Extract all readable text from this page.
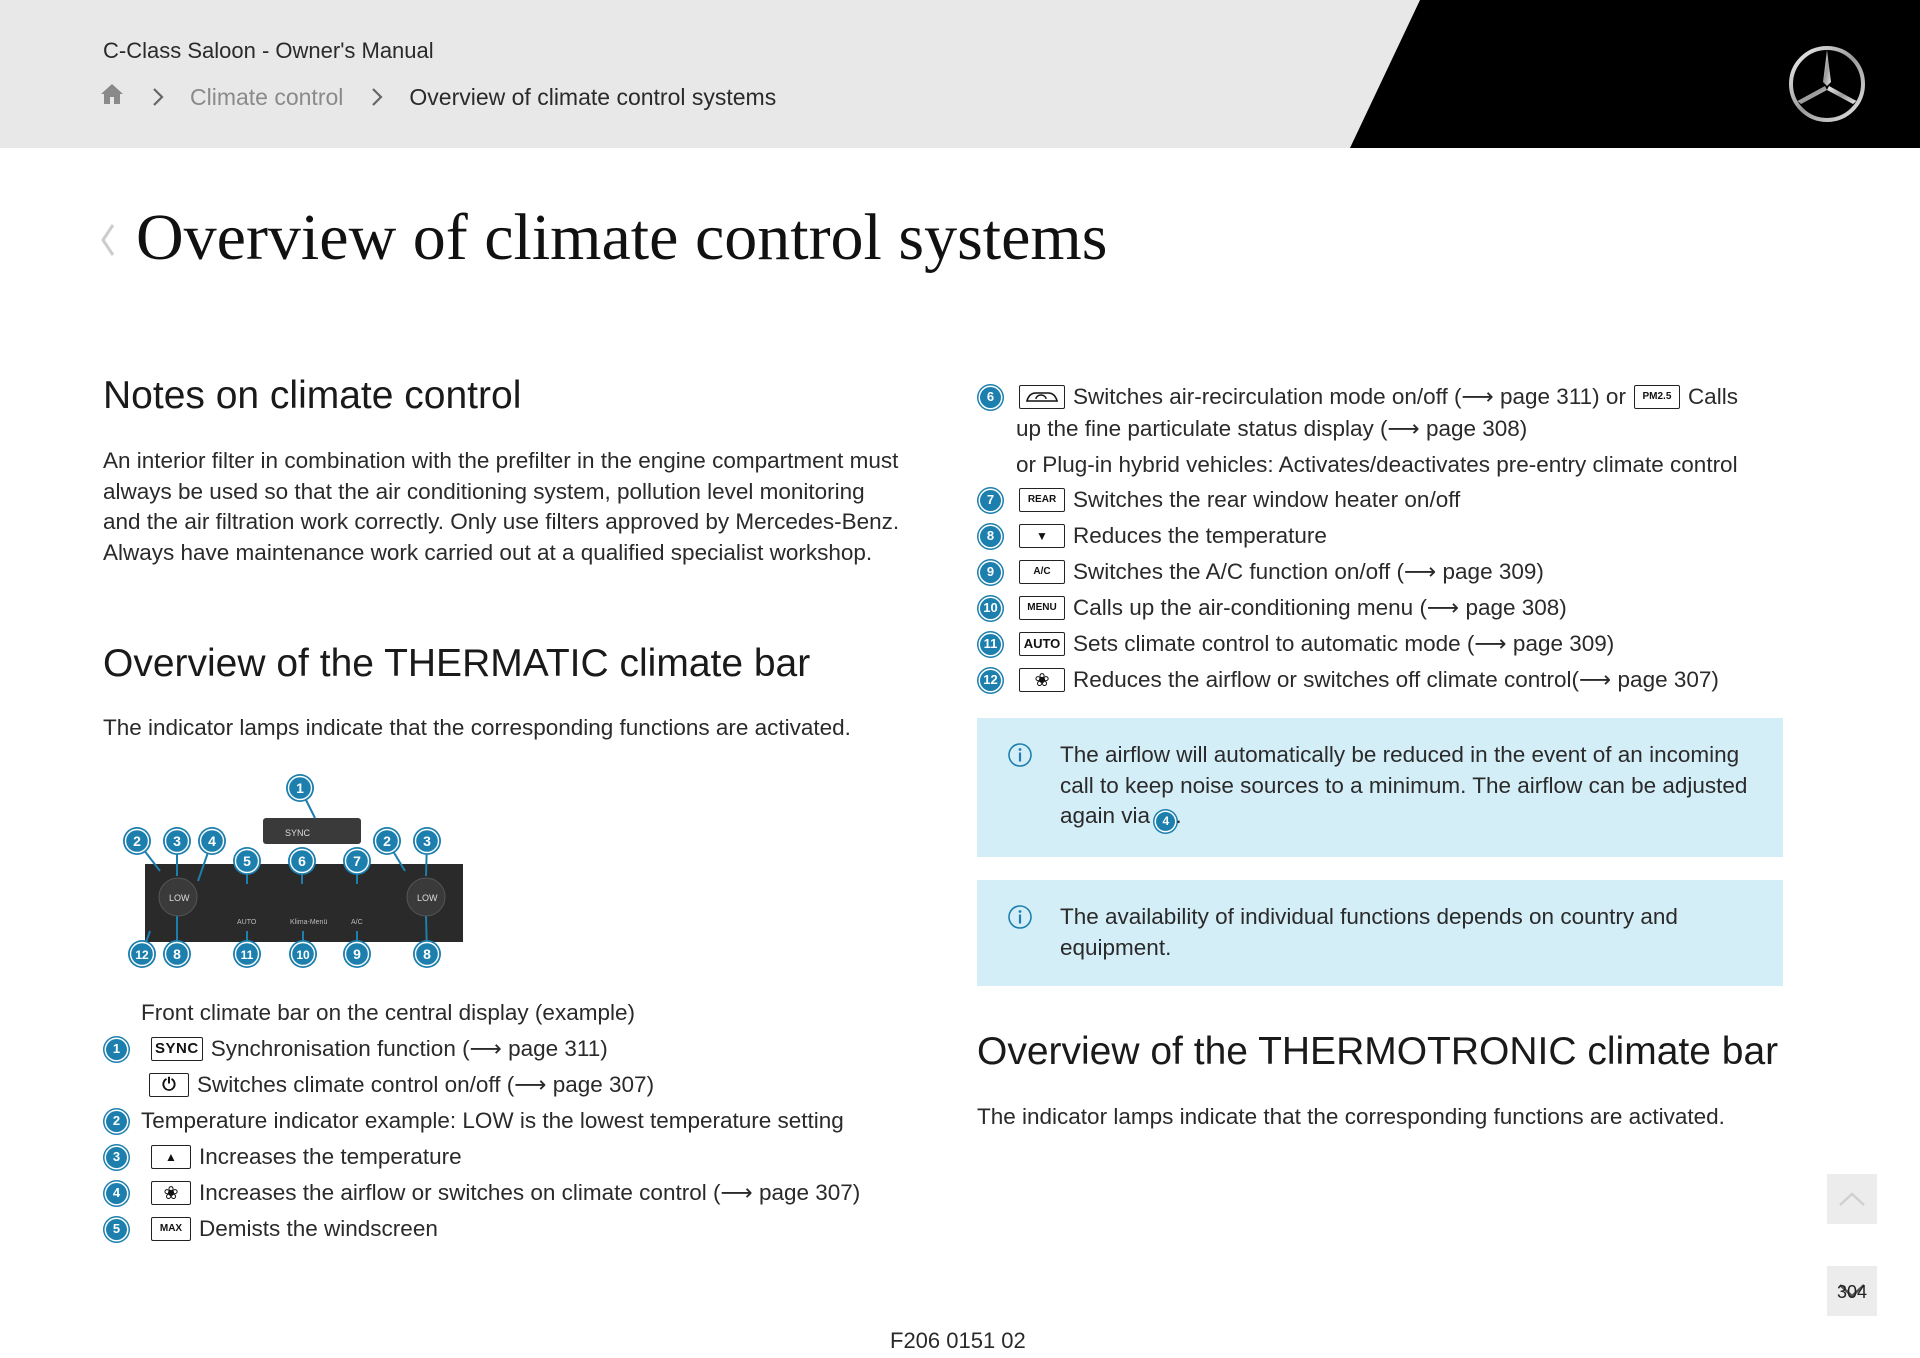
C-Class Saloon - Owner's Manual
Climate control	Overview of climate control systems
Overview of climate control systems
Notes on climate control

An interior filter in combination with the prefilter in the engine compartment must always be used so that the air conditioning system, pollution level monitoring and the air filtration work correctly. Only use filters approved by Mercedes-Benz. Always have maintenance work carried out at a qualified specialist workshop.

Overview of the THERMATIC climate bar

The indicator lamps indicate that the corresponding functions are activated.

SYNC
LOW	LOW
AUTO	Klima-Menü	A/C
1
2 3 4
5	6	7
2 3
12 8	11	10	9	8
Front climate bar on the central display (example)
1	SYNC Synchronisation function (⟶ page 311)
⏻ Switches climate control on/off (⟶ page 307)
2 Temperature indicator example: LOW is the lowest temperature setting
3	▲ Increases the temperature
4	❀ Increases the airflow or switches on climate control (⟶ page 307)
5	MAX Demists the windscreen
6	Switches air-recirculation mode on/off (⟶ page 311) or	PM2.5 Calls
up the fine particulate status display (⟶ page 308)
or Plug-in hybrid vehicles: Activates/deactivates pre-entry climate control
7	REAR Switches the rear window heater on/off
8	▼	Reduces the temperature
9	A/C Switches the A/C function on/off (⟶ page 309)
10	MENU Calls up the air-conditioning menu (⟶ page 308)
11	AUTO Sets climate control to automatic mode (⟶ page 309)
12	❀	Reduces the airflow or switches off climate control(⟶ page 307)
The airflow will automatically be reduced in the event of an incoming call to keep noise sources to a minimum. The airflow can be adjusted again via 4 .
The availability of individual functions depends on country and equipment.
Overview of the THERMOTRONIC climate bar

The indicator lamps indicate that the corresponding functions are activated.

304
F206 0151 02
